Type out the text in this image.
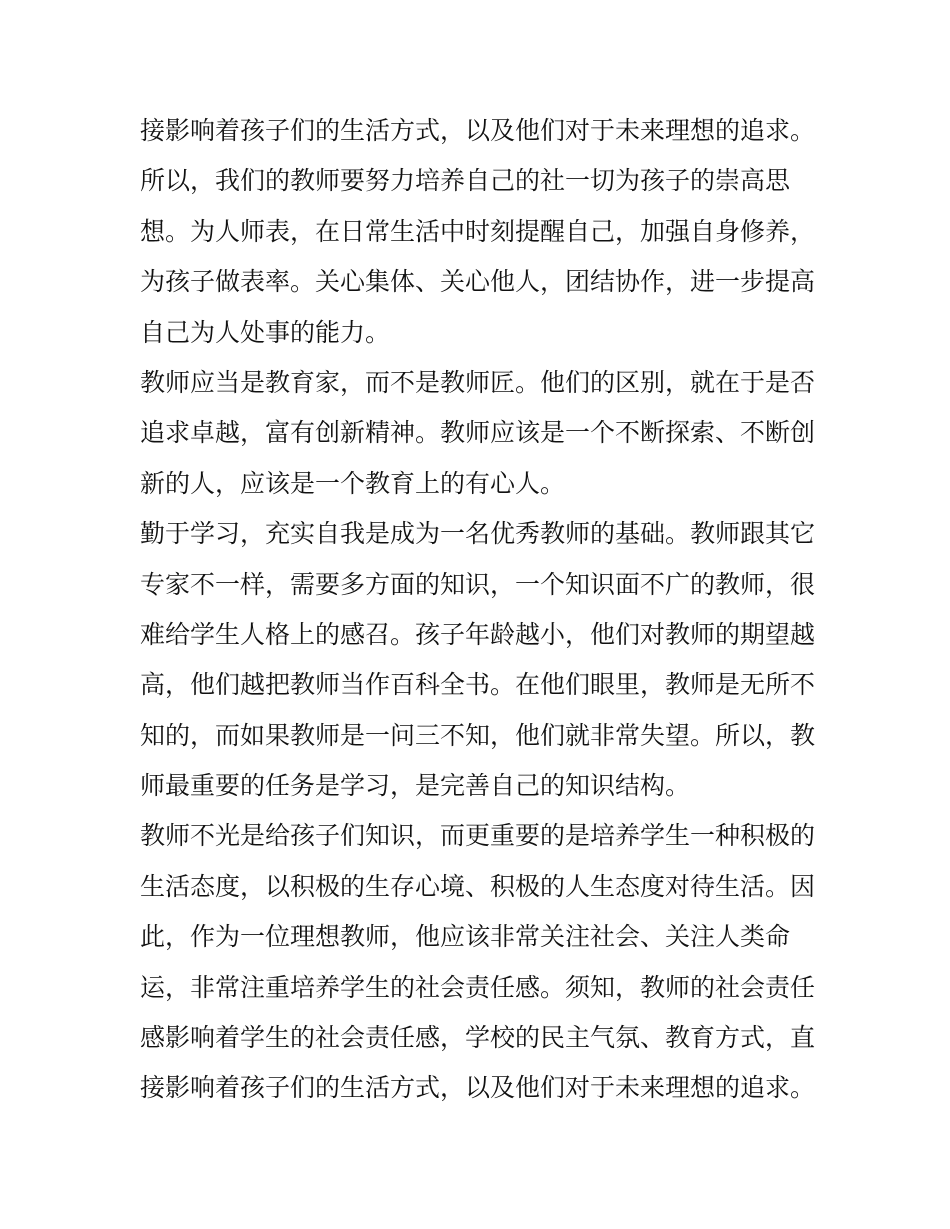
接影响着孩子们的生活方式，以及他们对于未来理想的追求。
所以，我们的教师要努力培养自己的社一切为孩子的崇高思
想。为人师表，在日常生活中时刻提醒自己，加强自身修养，
为孩子做表率。关心集体、关心他人，团结协作，进一步提高
自己为人处事的能力。
教师应当是教育家，而不是教师匠。他们的区别，就在于是否
追求卓越，富有创新精神。教师应该是一个不断探索、不断创
新的人，应该是一个教育上的有心人。
勤于学习，充实自我是成为一名优秀教师的基础。教师跟其它
专家不一样，需要多方面的知识，一个知识面不广的教师，很
难给学生人格上的感召。孩子年龄越小，他们对教师的期望越
高，他们越把教师当作百科全书。在他们眼里，教师是无所不
知的，而如果教师是一问三不知，他们就非常失望。所以，教
师最重要的任务是学习，是完善自己的知识结构。
教师不光是给孩子们知识，而更重要的是培养学生一种积极的
生活态度，以积极的生存心境、积极的人生态度对待生活。因
此，作为一位理想教师，他应该非常关注社会、关注人类命
运，非常注重培养学生的社会责任感。须知，教师的社会责任
感影响着学生的社会责任感，学校的民主气氛、教育方式，直
接影响着孩子们的生活方式，以及他们对于未来理想的追求。
